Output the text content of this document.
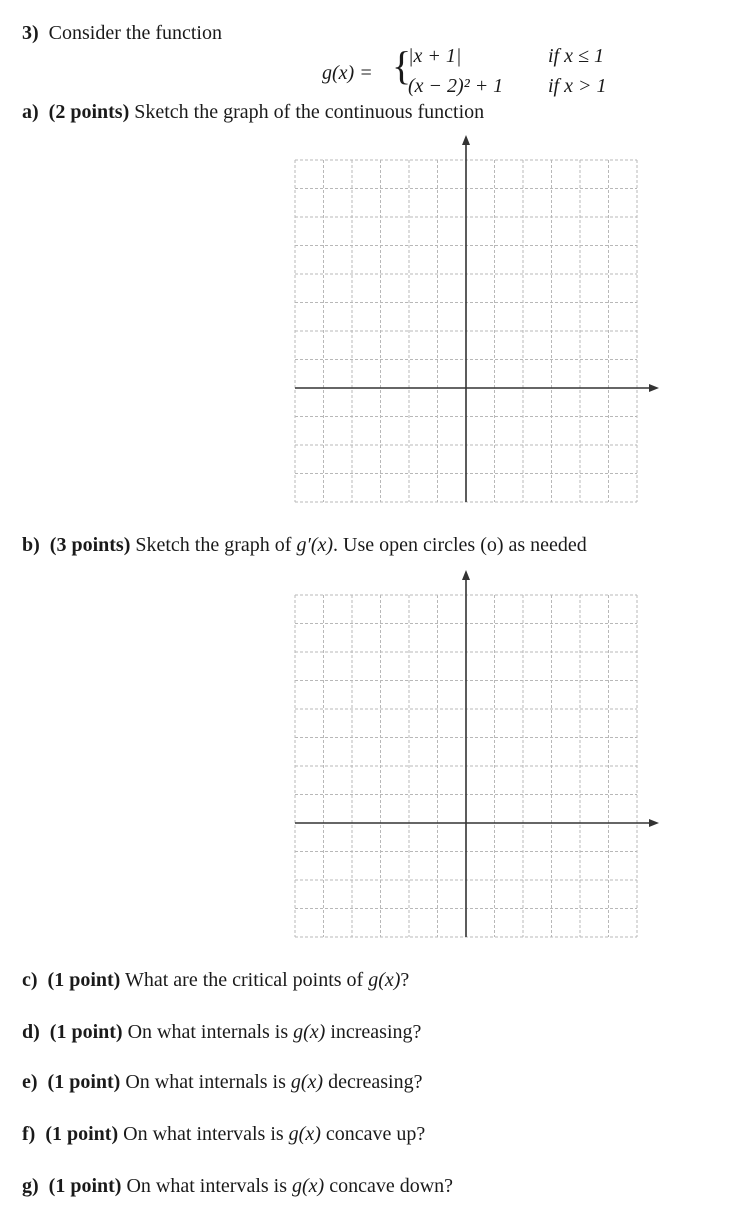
3) Consider the function
g(x) = {
|x + 1|	if x ≤ 1
(x − 2)² + 1 if x > 1
a) (2 points) Sketch the graph of the continuous function
b) (3 points) Sketch the graph of g′(x). Use open circles (o) as needed
c) (1 point) What are the critical points of g(x)?
d) (1 point) On what internals is g(x) increasing?
e) (1 point) On what internals is g(x) decreasing?
f) (1 point) On what intervals is g(x) concave up?
g) (1 point) On what intervals is g(x) concave down?
